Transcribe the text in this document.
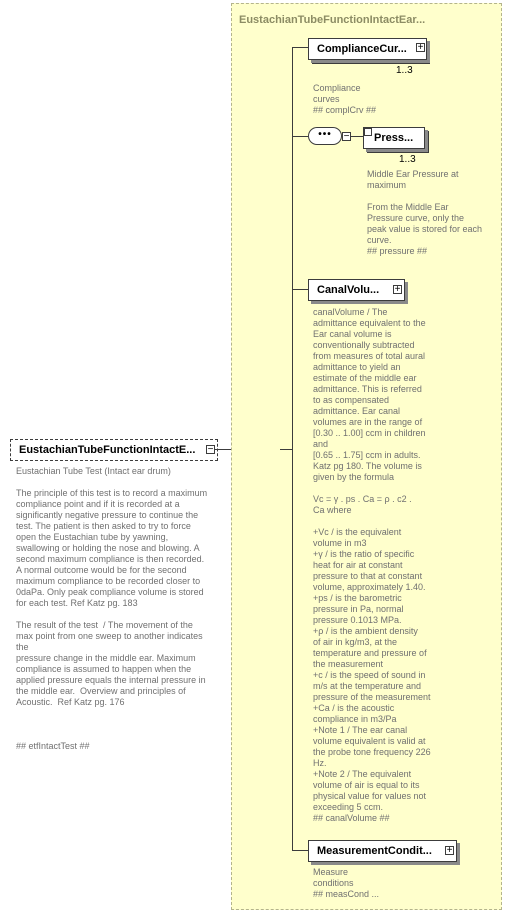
EustachianTubeFunctionIntactE...	−
Eustachian Tube Test (Intact ear drum)

The principle of this test is to record a maximum
compliance point and if it is recorded at a
significantly negative pressure to continue the
test. The patient is then asked to try to force
open the Eustachian tube by yawning,
swallowing or holding the nose and blowing. A
second maximum compliance is then recorded.
A normal outcome would be for the second
maximum compliance to be recorded closer to
0daPa. Only peak compliance volume is stored
for each test. Ref Katz pg. 183

The result of the test  / The movement of the
max point from one sweep to another indicates
the
pressure change in the middle ear. Maximum
compliance is assumed to happen when the
applied pressure equals the internal pressure in
the middle ear.  Overview and principles of
Acoustic.  Ref Katz pg. 176

## etfIntactTest ##
EustachianTubeFunctionIntactEar...
ComplianceCur...	+
1..3
Compliance
curves
## complCrv ##
•••	−	Press...
1..3
Middle Ear Pressure at
maximum

From the Middle Ear
Pressure curve, only the
peak value is stored for each
curve.
## pressure ##
CanalVolu...	+
canalVolume / The
admittance equivalent to the
Ear canal volume is
conventionally subtracted
from measures of total aural
admittance to yield an
estimate of the middle ear
admittance. This is referred
to as compensated
admittance. Ear canal
volumes are in the range of
[0.30 .. 1.00] ccm in children
and
[0.65 .. 1.75] ccm in adults.
Katz pg 180. The volume is
given by the formula

Vc = γ . ps . Ca = ρ . c2 .
Ca where

+Vc / is the equivalent
volume in m3
+γ / is the ratio of specific
heat for air at constant
pressure to that at constant
volume, approximately 1.40.
+ps / is the barometric
pressure in Pa, normal
pressure 0.1013 MPa.
+ρ / is the ambient density
of air in kg/m3, at the
temperature and pressure of
the measurement
+c / is the speed of sound in
m/s at the temperature and
pressure of the measurement
+Ca / is the acoustic
compliance in m3/Pa
+Note 1 / The ear canal
volume equivalent is valid at
the probe tone frequency 226
Hz.
+Note 2 / The equivalent
volume of air is equal to its
physical value for values not
exceeding 5 ccm.
## canalVolume ##
MeasurementCondit...	+
Measure
conditions
## measCond ...
